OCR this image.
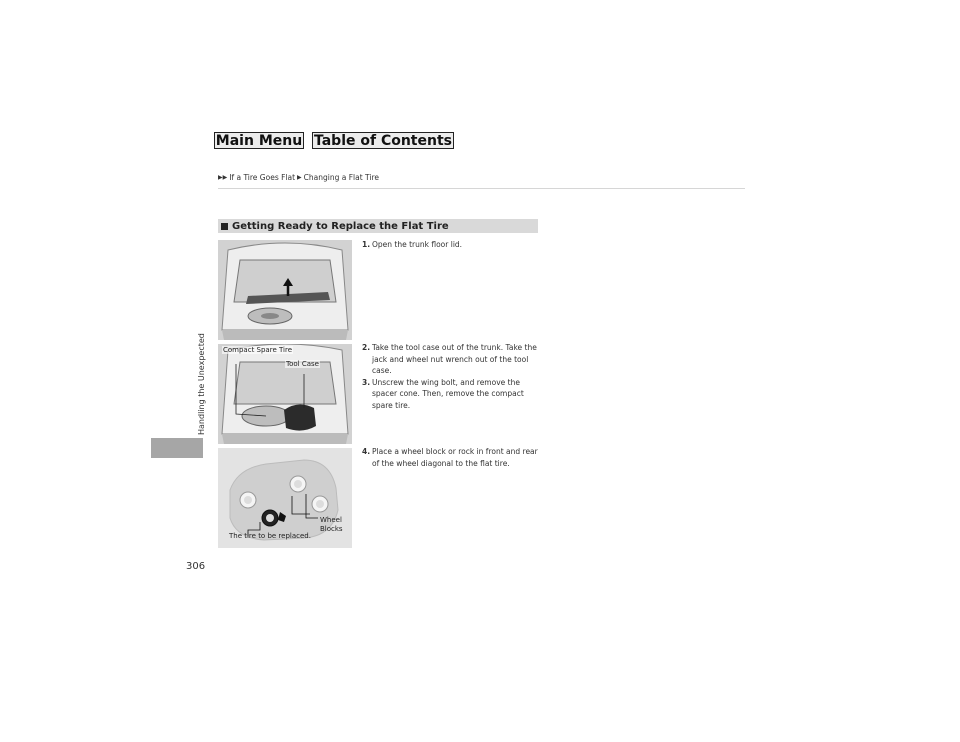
Main Menu Table of Contents
▶▶ If a Tire Goes Flat ▶ Changing a Flat Tire
Handling the Unexpected
306
Getting Ready to Replace the Flat Tire
Compact Spare Tire
Tool Case
Wheel
Blocks
The tire to be replaced.
1. Open the trunk floor lid.
2. Take the tool case out of the trunk. Take the jack and wheel nut wrench out of the tool case.
3. Unscrew the wing bolt, and remove the spacer cone. Then, remove the compact spare tire.
4. Place a wheel block or rock in front and rear of the wheel diagonal to the flat tire.
